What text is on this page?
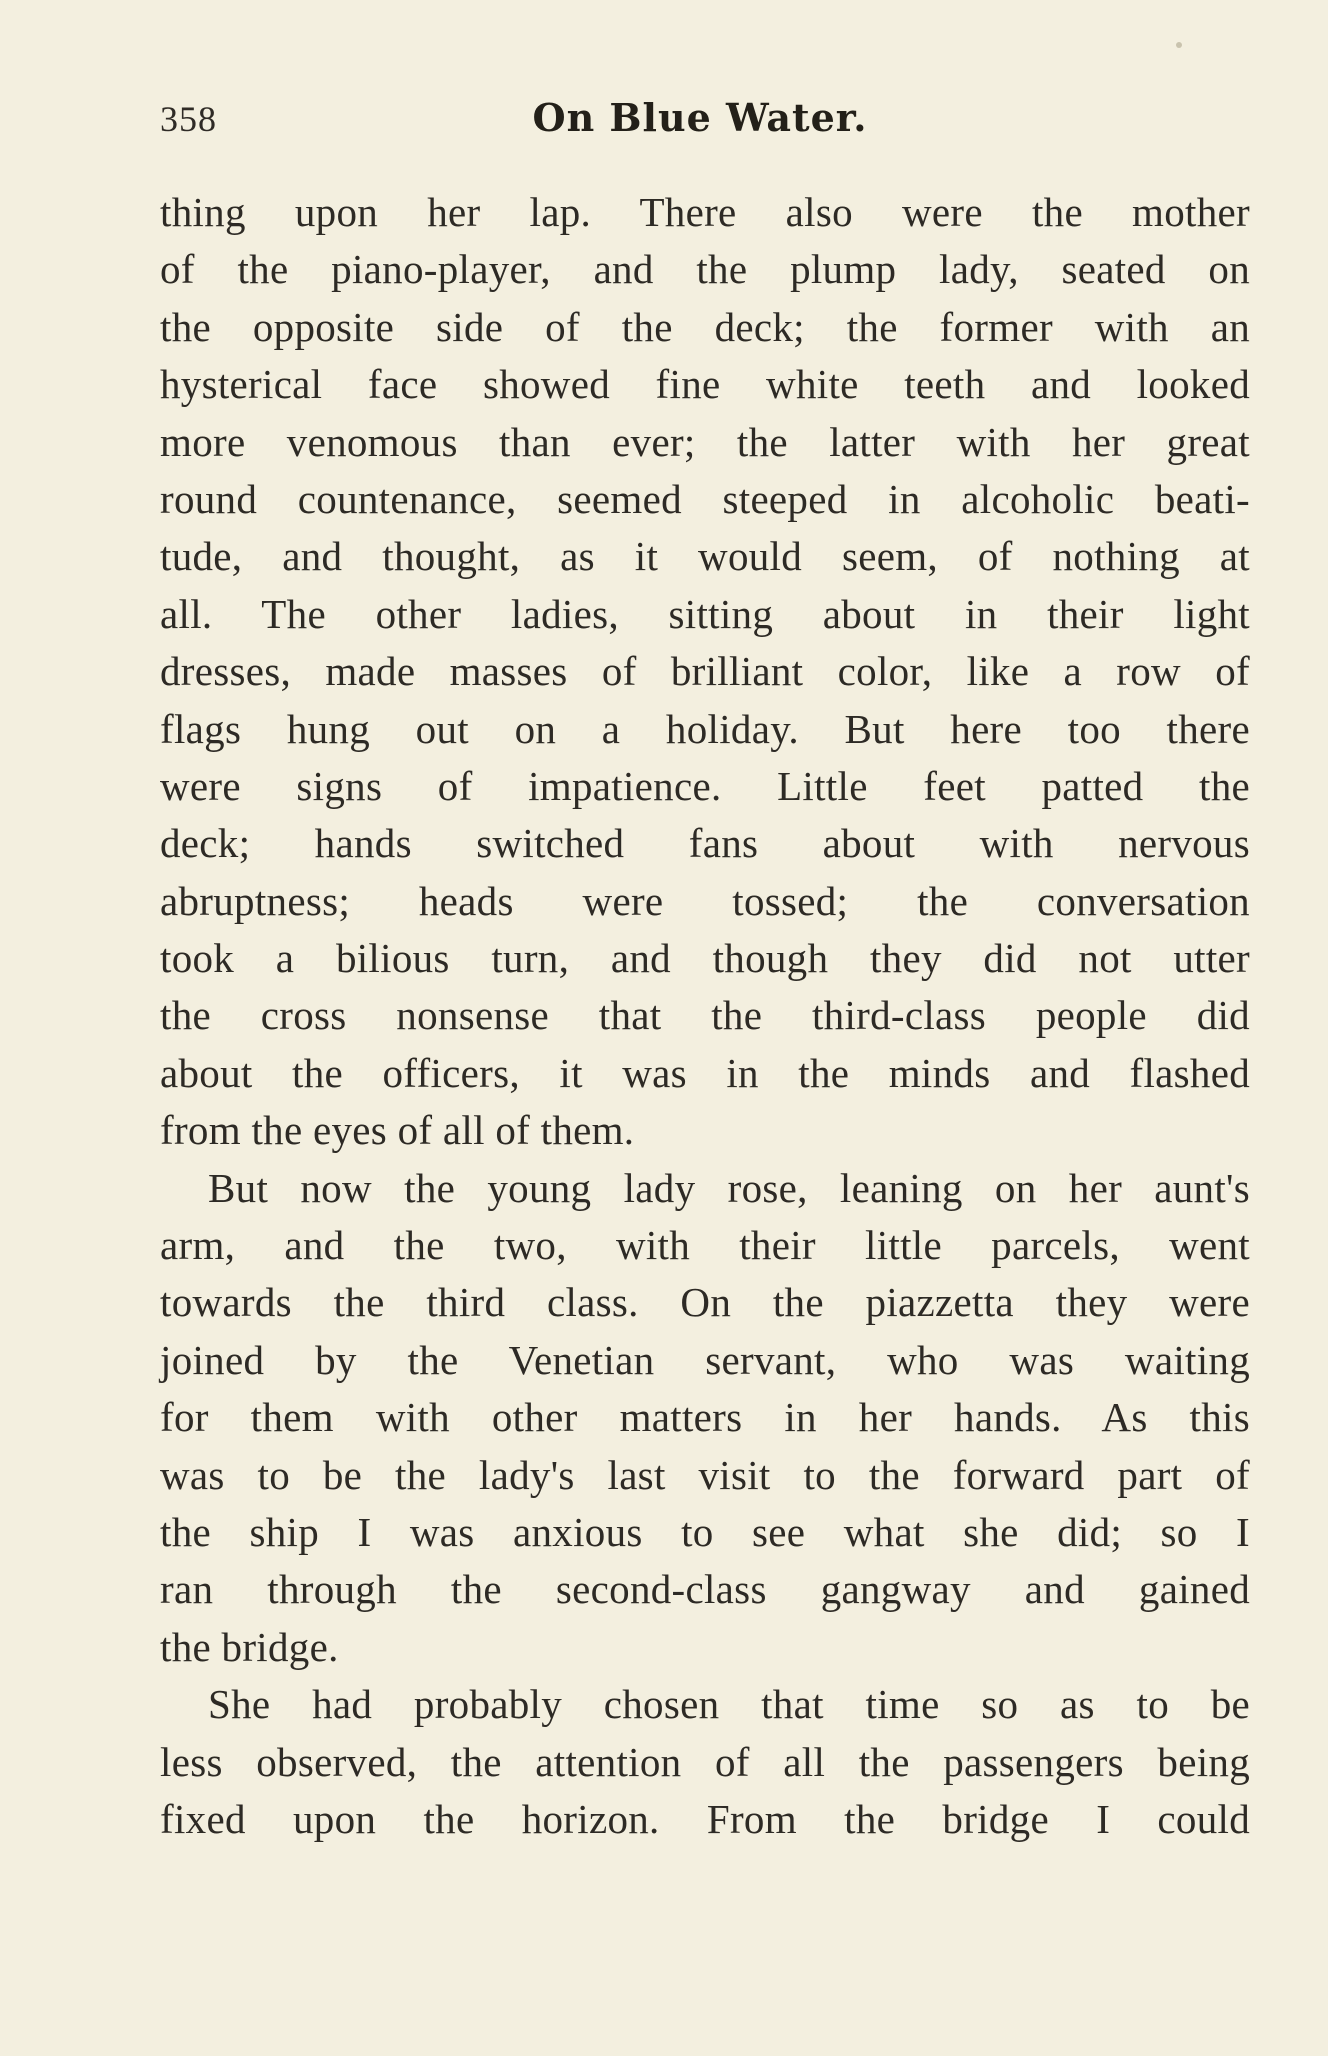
358	On Blue Water.
thing upon her lap. There also were the mother
of the piano-player, and the plump lady, seated on
the opposite side of the deck; the former with an
hysterical face showed fine white teeth and looked
more venomous than ever; the latter with her great
round countenance, seemed steeped in alcoholic beati-
tude, and thought, as it would seem, of nothing at
all. The other ladies, sitting about in their light
dresses, made masses of brilliant color, like a row of
flags hung out on a holiday. But here too there
were signs of impatience. Little feet patted the
deck; hands switched fans about with nervous
abruptness; heads were tossed; the conversation
took a bilious turn, and though they did not utter
the cross nonsense that the third-class people did
about the officers, it was in the minds and flashed
from the eyes of all of them.
But now the young lady rose, leaning on her aunt's
arm, and the two, with their little parcels, went
towards the third class. On the piazzetta they were
joined by the Venetian servant, who was waiting
for them with other matters in her hands. As this
was to be the lady's last visit to the forward part of
the ship I was anxious to see what she did; so I
ran through the second-class gangway and gained
the bridge.
She had probably chosen that time so as to be
less observed, the attention of all the passengers being
fixed upon the horizon. From the bridge I could
